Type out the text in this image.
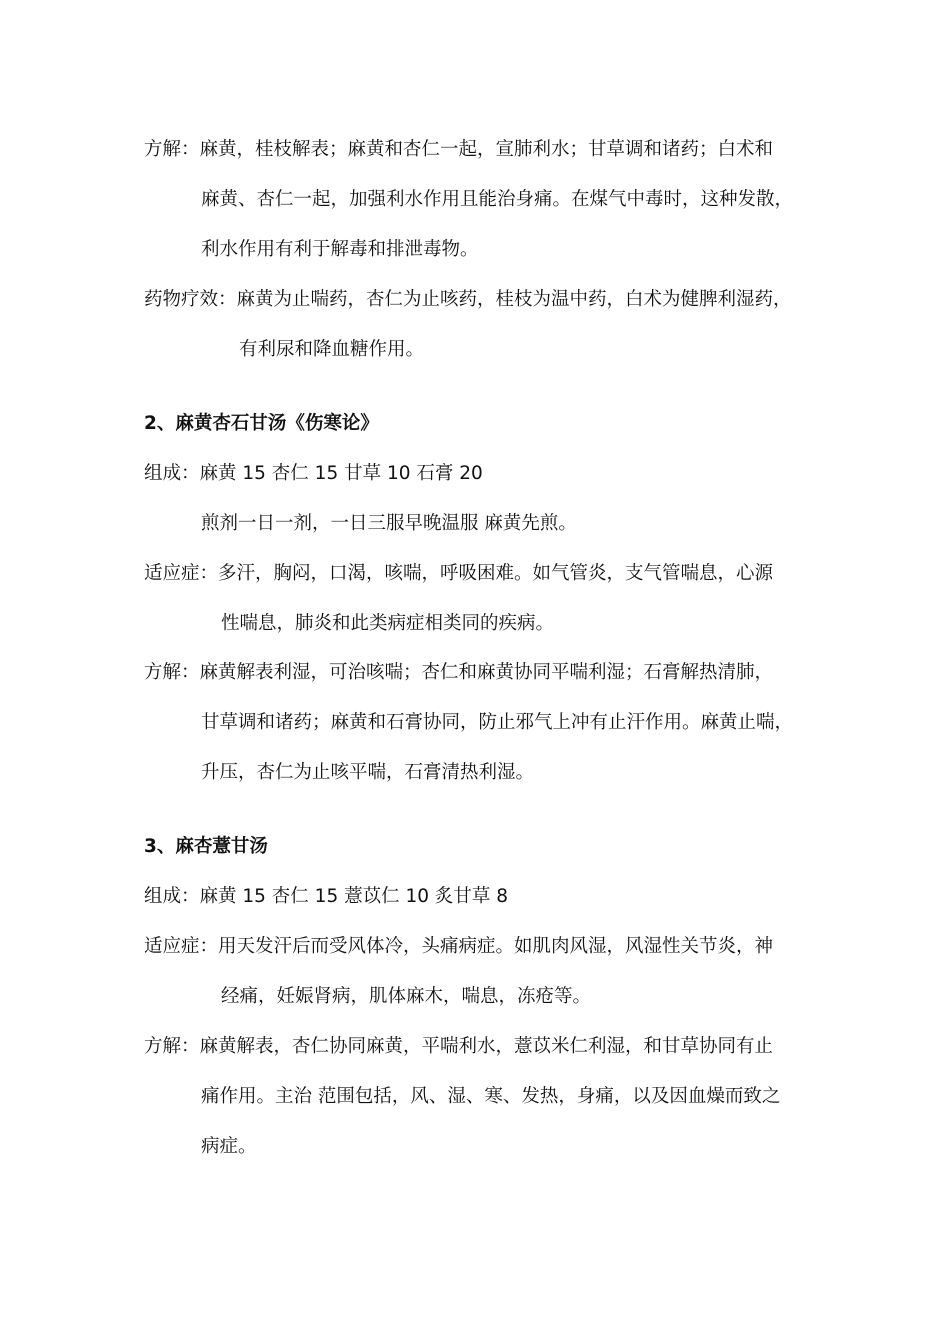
方解：麻黄，桂枝解表；麻黄和杏仁一起，宣肺利水；甘草调和诸药；白术和
麻黄、杏仁一起，加强利水作用且能治身痛。在煤气中毒时，这种发散，
利水作用有利于解毒和排泄毒物。
药物疗效：麻黄为止喘药，杏仁为止咳药，桂枝为温中药，白术为健脾利湿药，
有利尿和降血糖作用。
2、麻黄杏石甘汤《伤寒论》
组成：麻黄 15 杏仁 15 甘草 10 石膏 20
煎剂一日一剂，一日三服早晚温服 麻黄先煎。
适应症：多汗，胸闷，口渴，咳喘，呼吸困难。如气管炎，支气管喘息，心源
性喘息，肺炎和此类病症相类同的疾病。
方解：麻黄解表利湿，可治咳喘；杏仁和麻黄协同平喘利湿；石膏解热清肺，
甘草调和诸药；麻黄和石膏协同，防止邪气上冲有止汗作用。麻黄止喘，
升压，杏仁为止咳平喘，石膏清热利湿。
3、麻杏薏甘汤
组成：麻黄 15 杏仁 15 薏苡仁 10 炙甘草 8
适应症：用天发汗后而受风体冷，头痛病症。如肌肉风湿，风湿性关节炎，神
经痛，妊娠肾病，肌体麻木，喘息，冻疮等。
方解：麻黄解表，杏仁协同麻黄，平喘利水，薏苡米仁利湿，和甘草协同有止
痛作用。主治 范围包括，风、湿、寒、发热，身痛，以及因血燥而致之
病症。
